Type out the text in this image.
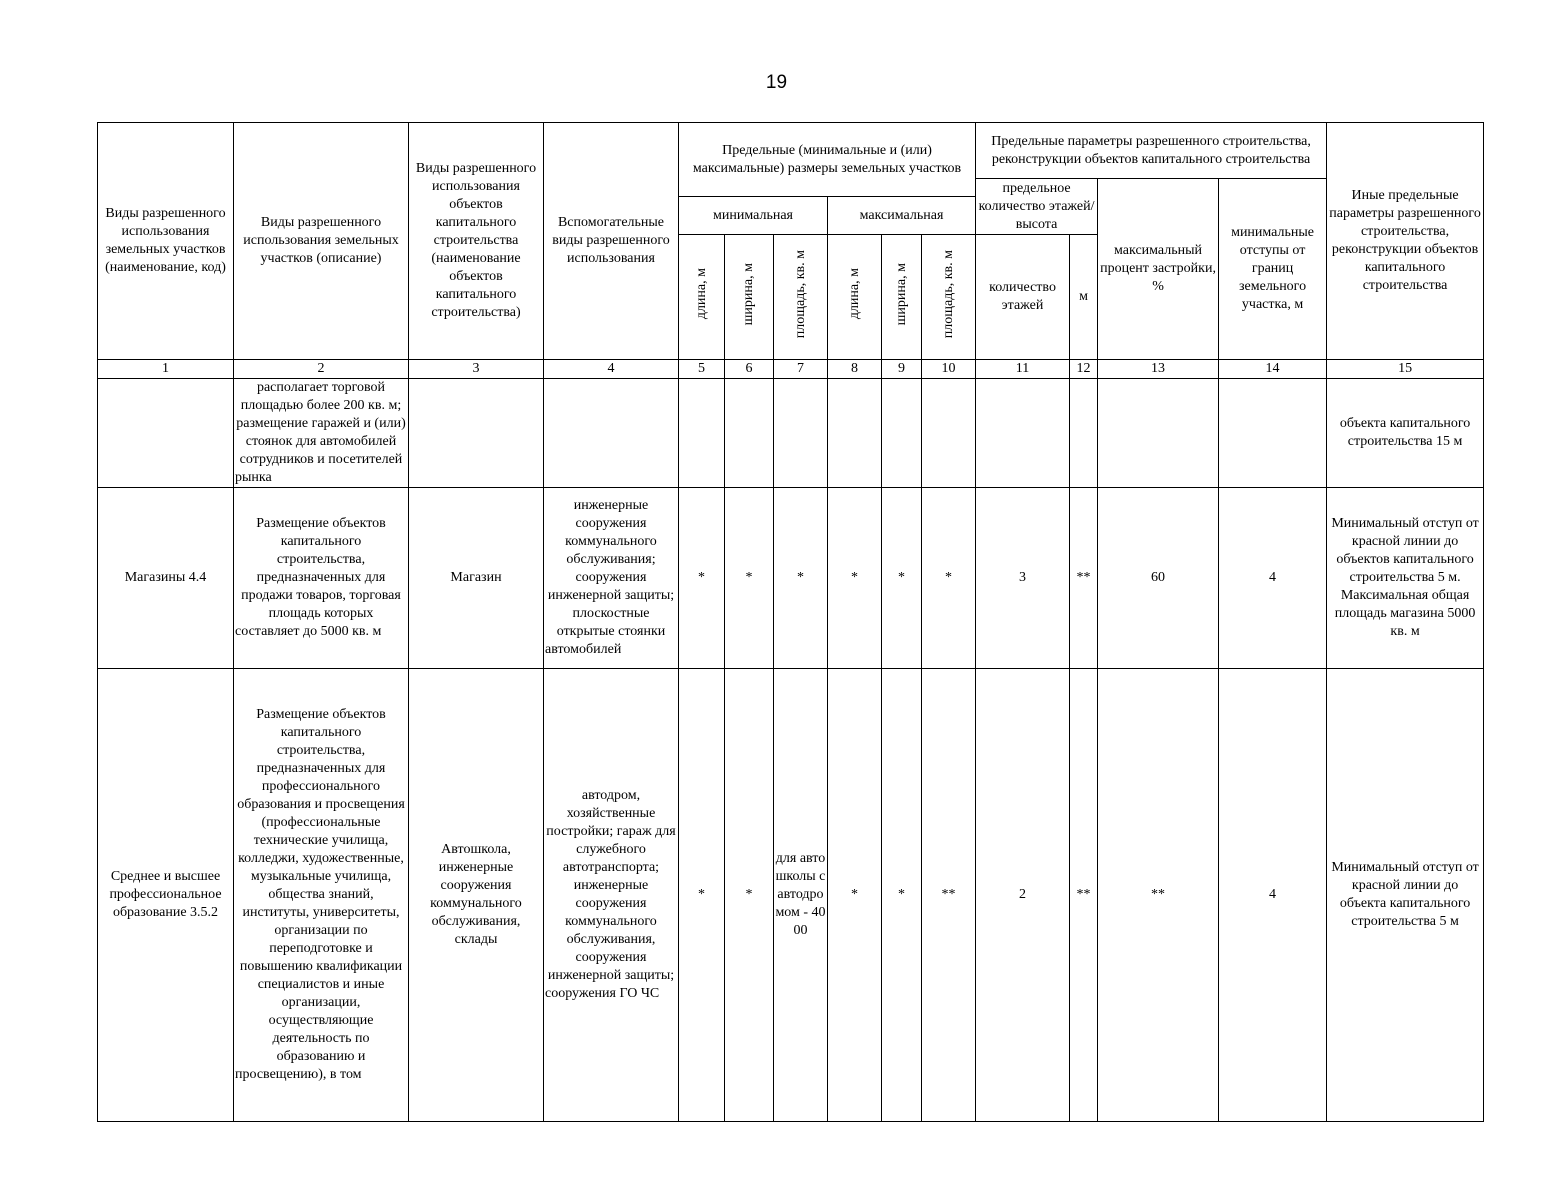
19
Виды разрешенного использования земельных участков (наименование, код)	Виды разрешенного использования земельных участков (описание)	Виды разрешенного использования объектов капитального строительства (наименование объектов капитального строительства)	Вспомогательные виды разрешенного использования	Предельные (минимальные и (или) максимальные) размеры земельных участков						Предельные параметры разрешенного строительства, реконструкции объектов капитального строительства				Иные предельные параметры разрешенного строительства, реконструкции объектов капитального строительства
										предельное количество этажей/высота		максимальный процент застройки, %	минимальные отступы от границ земельного участка, м	
				минимальная			максимальная							
				длина, м	ширина, м	площадь, кв. м	длина, м	ширина, м	площадь, кв. м	количество этажей	м			
1	2	3	4	5	6	7	8	9	10	11	12	13	14	15
	располагает торговой площадью более 200 кв. м; размещение гаражей и (или) стоянок для автомобилей сотрудников и посетителей рынка													объекта капитального строительства 15 м
Магазины 4.4	Размещение объектов капитального строительства, предназначенных для продажи товаров, торговая площадь которых составляет до 5000 кв. м	Магазин	инженерные сооружения коммунального обслуживания; сооружения инженерной защиты; плоскостные открытые стоянки автомобилей	*	*	*	*	*	*	3	**	60	4	Минимальный отступ от красной линии до объектов капитального строительства 5 м. Максимальная общая площадь магазина 5000 кв. м
Среднее и высшее профессиональное образование 3.5.2	Размещение объектов капитального строительства, предназначенных для профессионального образования и просвещения (профессиональные технические училища, колледжи, художественные, музыкальные училища, общества знаний, институты, университеты, организации по переподготовке и повышению квалификации специалистов и иные организации, осуществляющие деятельность по образованию и просвещению), в том	Автошкола, инженерные сооружения коммунального обслуживания, склады	автодром, хозяйственные постройки; гараж для служебного автотранспорта; инженерные сооружения коммунального обслуживания, сооружения инженерной защиты; сооружения ГО ЧС	*	*	для автошколы с автодромом - 4000	*	*	**	2	**	**	4	Минимальный отступ от красной линии до объекта капитального строительства 5 м
